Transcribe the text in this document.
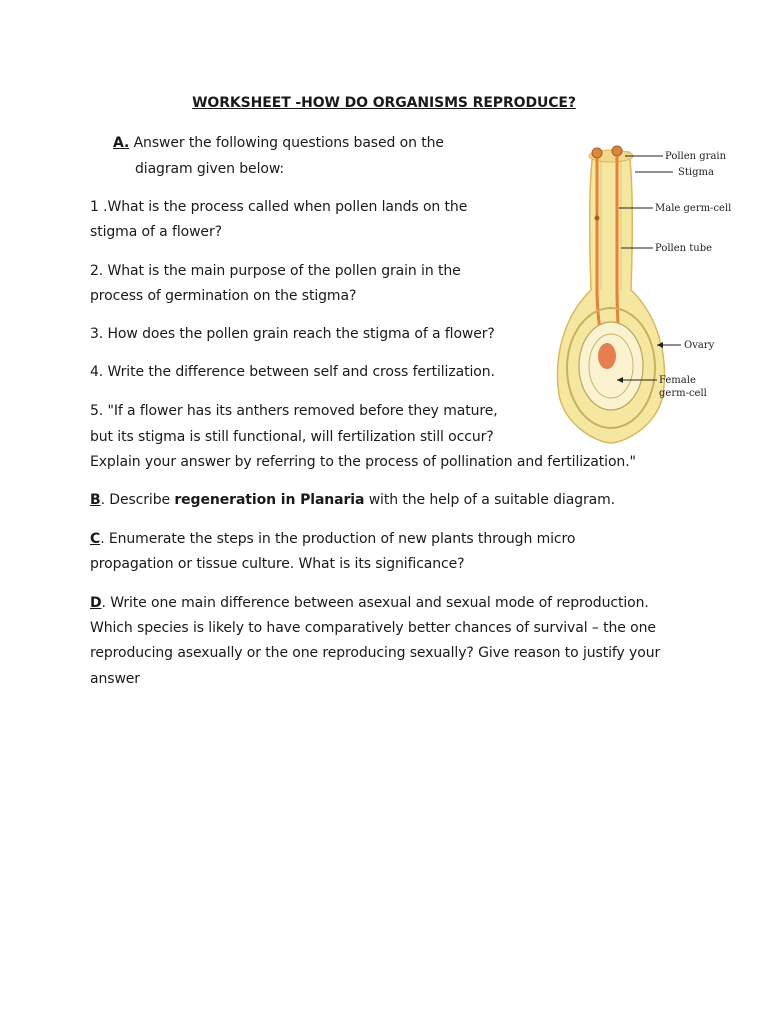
WORKSHEET -HOW DO ORGANISMS REPRODUCE?
A. Answer the following questions based on the
diagram given below:
1 .What is the process called when pollen lands on the
stigma of a flower?
2. What is the main purpose of the pollen grain in the
process of germination on the stigma?
3. How does the pollen grain reach the stigma of a flower?
4. Write the difference between self and cross fertilization.
5. "If a flower has its anthers removed before they mature,
but its stigma is still functional, will fertilization still occur?
Explain your answer by referring to the process of pollination and fertilization."
B. Describe regeneration in Planaria with the help of a suitable diagram.
C. Enumerate the steps in the production of new plants through micro
propagation or tissue culture. What is its significance?
D. Write one main difference between asexual and sexual mode of reproduction.
Which species is likely to have comparatively better chances of survival – the one
reproducing asexually or the one reproducing sexually? Give reason to justify your
answer
Pollen grain
Stigma
Male germ-cell
Pollen tube
Ovary
Female
germ-cell
